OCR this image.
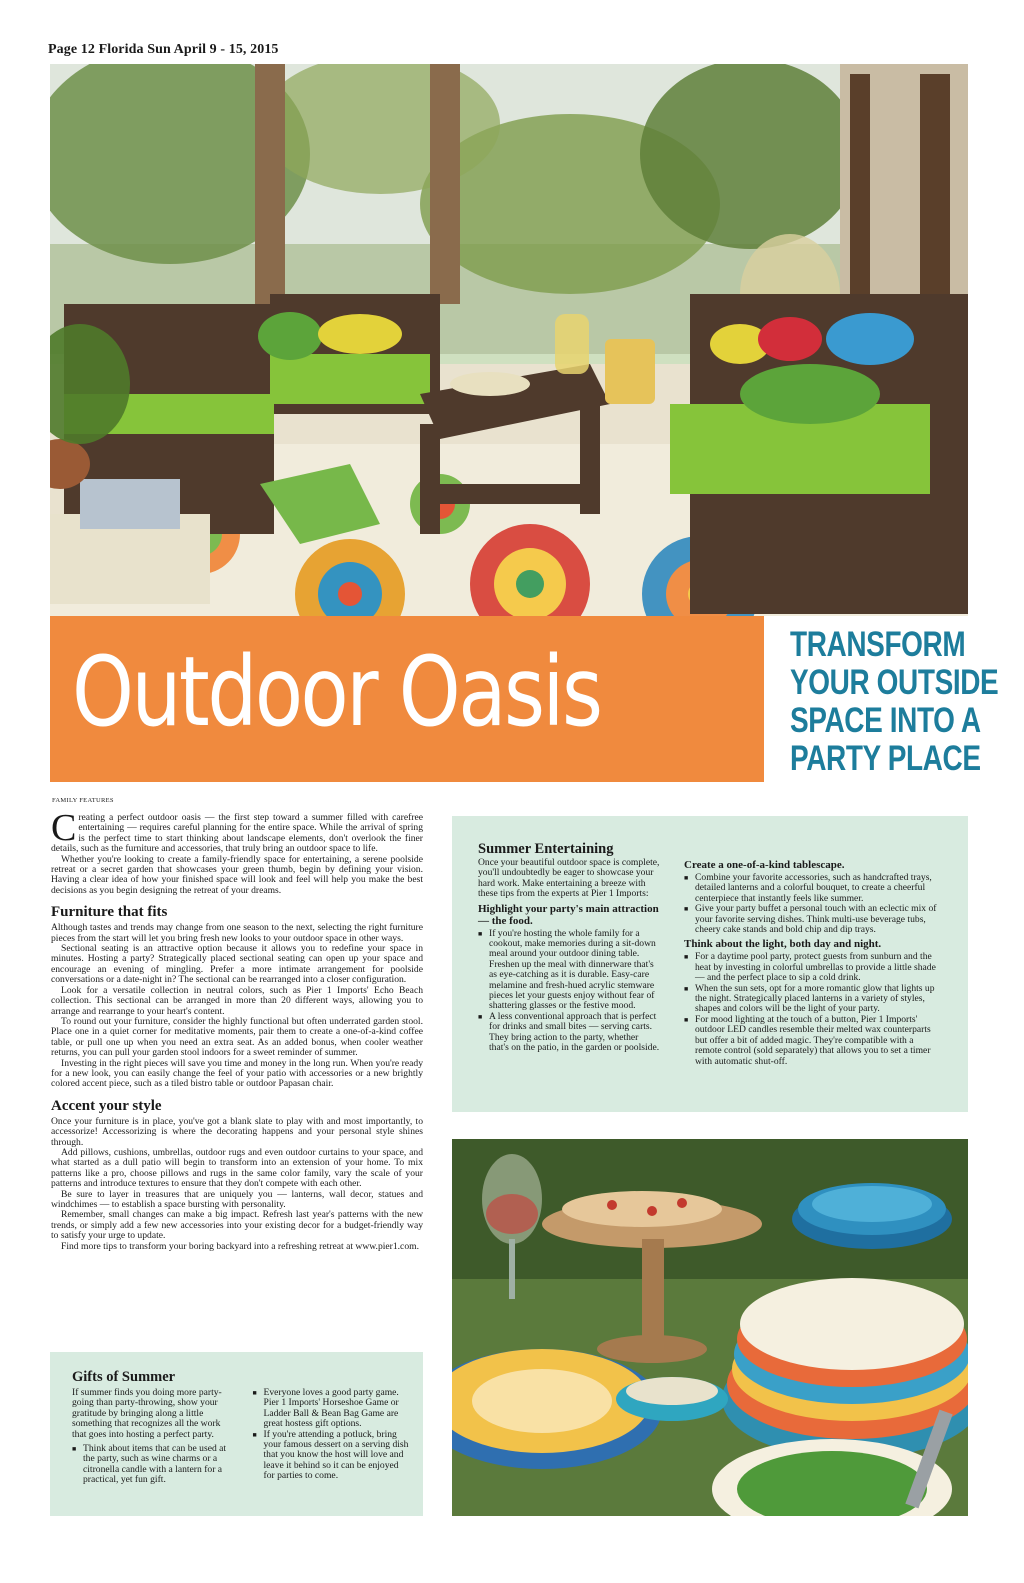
Page 12 Florida Sun April 9 - 15, 2015
Outdoor Oasis	TRANSFORM
YOUR OUTSIDE
SPACE INTO A
PARTY PLACE
FAMILY FEATURES

Creating a perfect outdoor oasis — the first step toward a summer filled with carefree entertaining — requires careful planning for the entire space. While the arrival of spring is the perfect time to start thinking about landscape elements, don't overlook the finer details, such as the furniture and accessories, that truly bring an outdoor space to life.

Whether you're looking to create a family-friendly space for entertaining, a serene poolside retreat or a secret garden that showcases your green thumb, begin by defining your vision. Having a clear idea of how your finished space will look and feel will help you make the best decisions as you begin designing the retreat of your dreams.

Furniture that fits

Although tastes and trends may change from one season to the next, selecting the right furniture pieces from the start will let you bring fresh new looks to your outdoor space in other ways.

Sectional seating is an attractive option because it allows you to redefine your space in minutes. Hosting a party? Strategically placed sectional seating can open up your space and encourage an evening of mingling. Prefer a more intimate arrangement for poolside conversations or a date-night in? The sectional can be rearranged into a closer configuration.

Look for a versatile collection in neutral colors, such as Pier 1 Imports' Echo Beach collection. This sectional can be arranged in more than 20 different ways, allowing you to arrange and rearrange to your heart's content.

To round out your furniture, consider the highly functional but often underrated garden stool. Place one in a quiet corner for meditative moments, pair them to create a one-of-a-kind coffee table, or pull one up when you need an extra seat. As an added bonus, when cooler weather returns, you can pull your garden stool indoors for a sweet reminder of summer.

Investing in the right pieces will save you time and money in the long run. When you're ready for a new look, you can easily change the feel of your patio with accessories or a new brightly colored accent piece, such as a tiled bistro table or outdoor Papasan chair.

Accent your style

Once your furniture is in place, you've got a blank slate to play with and most importantly, to accessorize! Accessorizing is where the decorating happens and your personal style shines through.

Add pillows, cushions, umbrellas, outdoor rugs and even outdoor curtains to your space, and what started as a dull patio will begin to transform into an extension of your home. To mix patterns like a pro, choose pillows and rugs in the same color family, vary the scale of your patterns and introduce textures to ensure that they don't compete with each other.

Be sure to layer in treasures that are uniquely you — lanterns, wall decor, statues and windchimes — to establish a space bursting with personality.

Remember, small changes can make a big impact. Refresh last year's patterns with the new trends, or simply add a few new accessories into your existing decor for a budget-friendly way to satisfy your urge to update.

Find more tips to transform your boring backyard into a refreshing retreat at www.pier1.com.

Gifts of Summer
If summer finds you doing more party-going than party-throwing, show your gratitude by bringing along a little something that recognizes all the work that goes into hosting a perfect party.
■ Think about items that can be used at the party, such as wine charms or a citronella candle with a lantern for a practical, yet fun gift.
■ Everyone loves a good party game. Pier 1 Imports' Horseshoe Game or Ladder Ball & Bean Bag Game are great hostess gift options.
■ If you're attending a potluck, bring your famous dessert on a serving dish that you know the host will love and leave it behind so it can be enjoyed for parties to come.
Summer Entertaining
Once your beautiful outdoor space is complete, you'll undoubtedly be eager to showcase your hard work. Make entertaining a breeze with these tips from the experts at Pier 1 Imports:
Highlight your party's main attraction — the food.
■ If you're hosting the whole family for a cookout, make memories during a sit-down meal around your outdoor dining table. Freshen up the meal with dinnerware that's as eye-catching as it is durable. Easy-care melamine and fresh-hued acrylic stemware pieces let your guests enjoy without fear of shattering glasses or the festive mood.
■ A less conventional approach that is perfect for drinks and small bites — serving carts. They bring action to the party, whether that's on the patio, in the garden or poolside.
Create a one-of-a-kind tablescape.
■ Combine your favorite accessories, such as handcrafted trays, detailed lanterns and a colorful bouquet, to create a cheerful centerpiece that instantly feels like summer.
■ Give your party buffet a personal touch with an eclectic mix of your favorite serving dishes. Think multi-use beverage tubs, cheery cake stands and bold chip and dip trays.
Think about the light, both day and night.
■ For a daytime pool party, protect guests from sunburn and the heat by investing in colorful umbrellas to provide a little shade — and the perfect place to sip a cold drink.
■ When the sun sets, opt for a more romantic glow that lights up the night. Strategically placed lanterns in a variety of styles, shapes and colors will be the light of your party.
■ For mood lighting at the touch of a button, Pier 1 Imports' outdoor LED candles resemble their melted wax counterparts but offer a bit of added magic. They're compatible with a remote control (sold separately) that allows you to set a timer with automatic shut-off.
